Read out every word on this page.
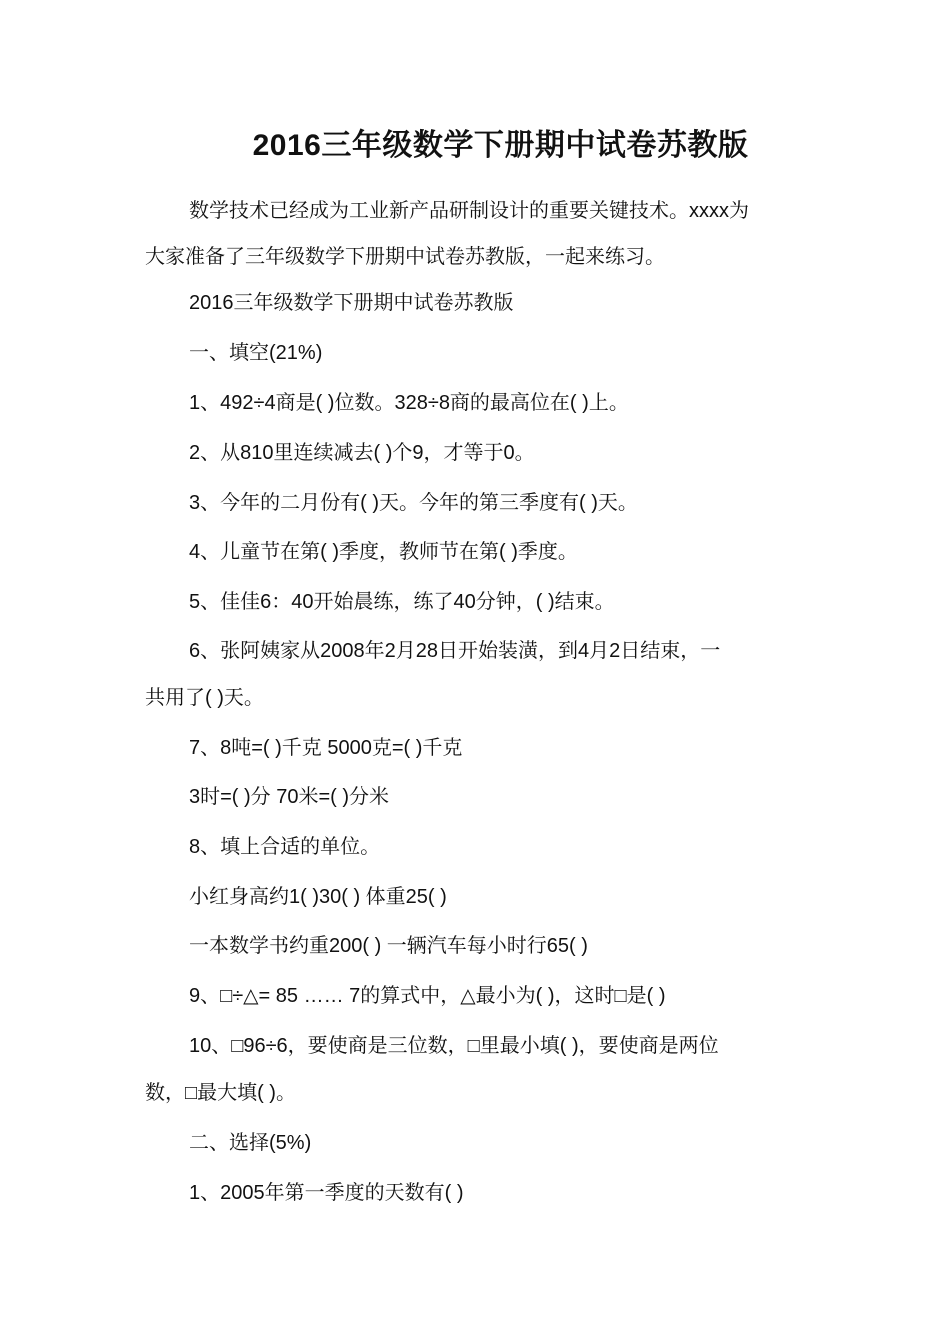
2016三年级数学下册期中试卷苏教版
数学技术已经成为工业新产品研制设计的重要关键技术。xxxx为
大家准备了三年级数学下册期中试卷苏教版，一起来练习。
2016三年级数学下册期中试卷苏教版
一、填空(21%)
1、492÷4商是( )位数。328÷8商的最高位在( )上。
2、从810里连续减去( )个9，才等于0。
3、今年的二月份有( )天。今年的第三季度有( )天。
4、儿童节在第( )季度，教师节在第( )季度。
5、佳佳6：40开始晨练，练了40分钟，( )结束。
6、张阿姨家从2008年2月28日开始装潢，到4月2日结束，一
共用了( )天。
7、8吨=( )千克 5000克=( )千克
3时=( )分 70米=( )分米
8、填上合适的单位。
小红身高约1( )30( ) 体重25( )
一本数学书约重200( ) 一辆汽车每小时行65( )
9、□÷△= 85 …… 7的算式中，△最小为( )，这时□是( )
10、□96÷6，要使商是三位数，□里最小填( )，要使商是两位
数，□最大填( )。
二、选择(5%)
1、2005年第一季度的天数有( )
